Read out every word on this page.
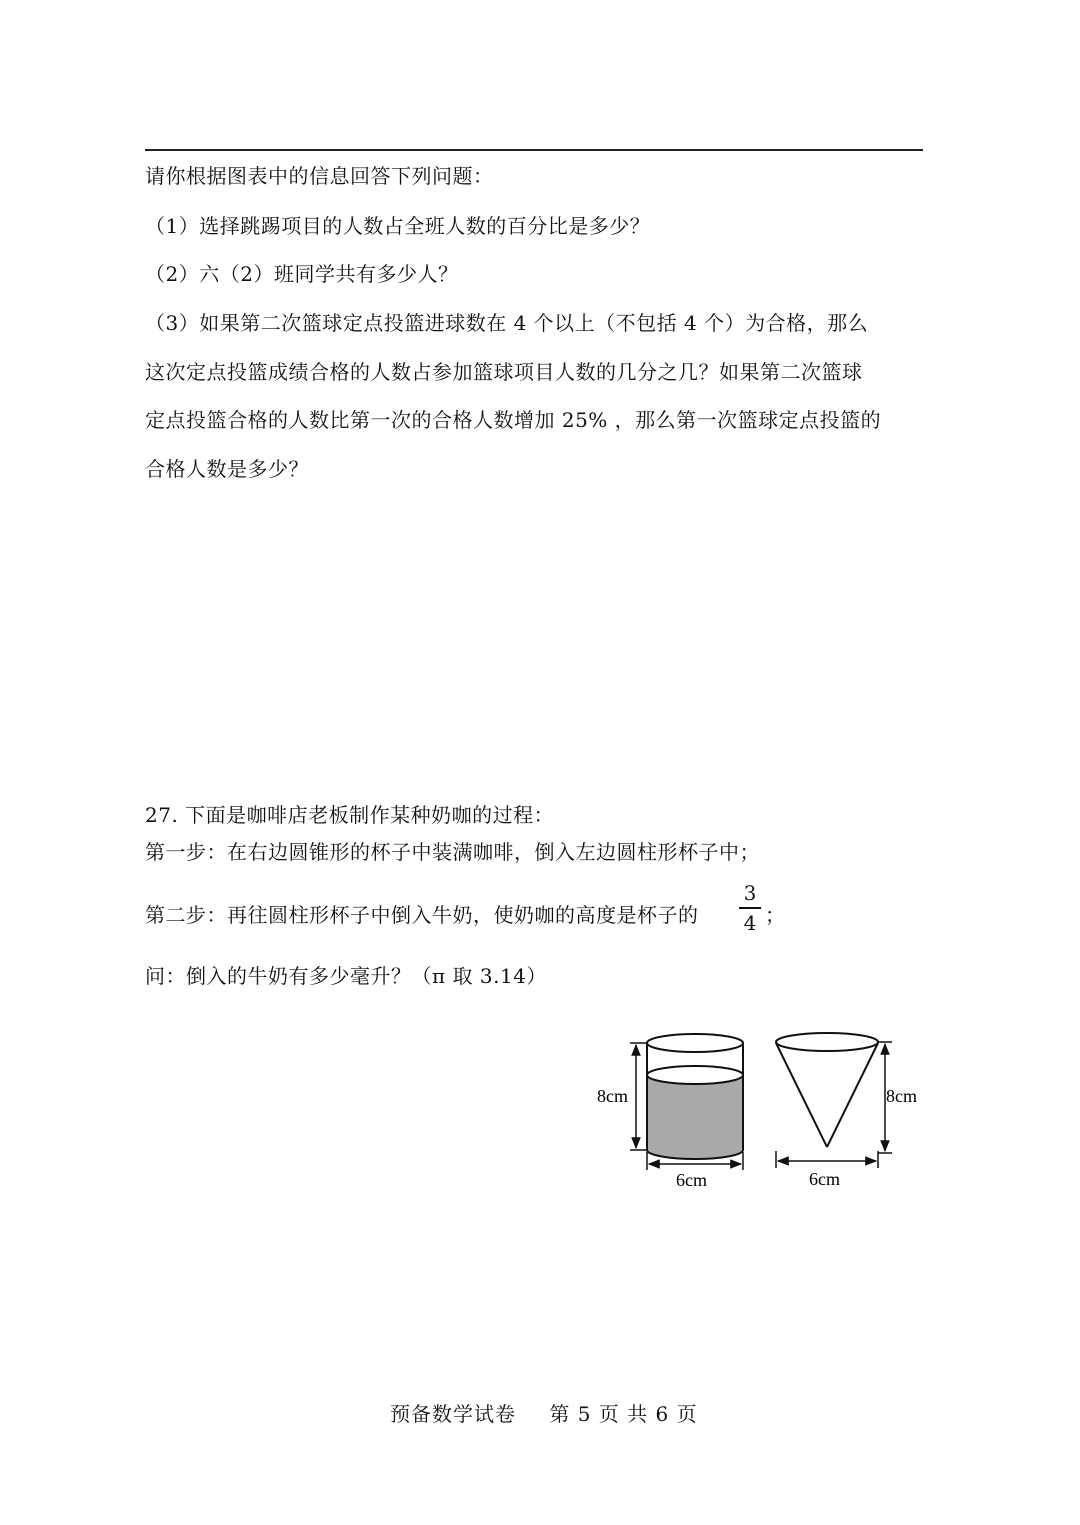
请你根据图表中的信息回答下列问题：
（1）选择跳踢项目的人数占全班人数的百分比是多少？
（2）六（2）班同学共有多少人？
（3）如果第二次篮球定点投篮进球数在 4 个以上（不包括 4 个）为合格，那么
这次定点投篮成绩合格的人数占参加篮球项目人数的几分之几？如果第二次篮球
定点投篮合格的人数比第一次的合格人数增加 25% ，那么第一次篮球定点投篮的
合格人数是多少？
27. 下面是咖啡店老板制作某种奶咖的过程：
第一步：在右边圆锥形的杯子中装满咖啡，倒入左边圆柱形杯子中；
第二步：再往圆柱形杯子中倒入牛奶，使奶咖的高度是杯子的
3
4 ；
问：倒入的牛奶有多少毫升？（π 取 3.14）
8cm
6cm
8cm
6cm
预备数学试卷 第 5 页 共 6 页
